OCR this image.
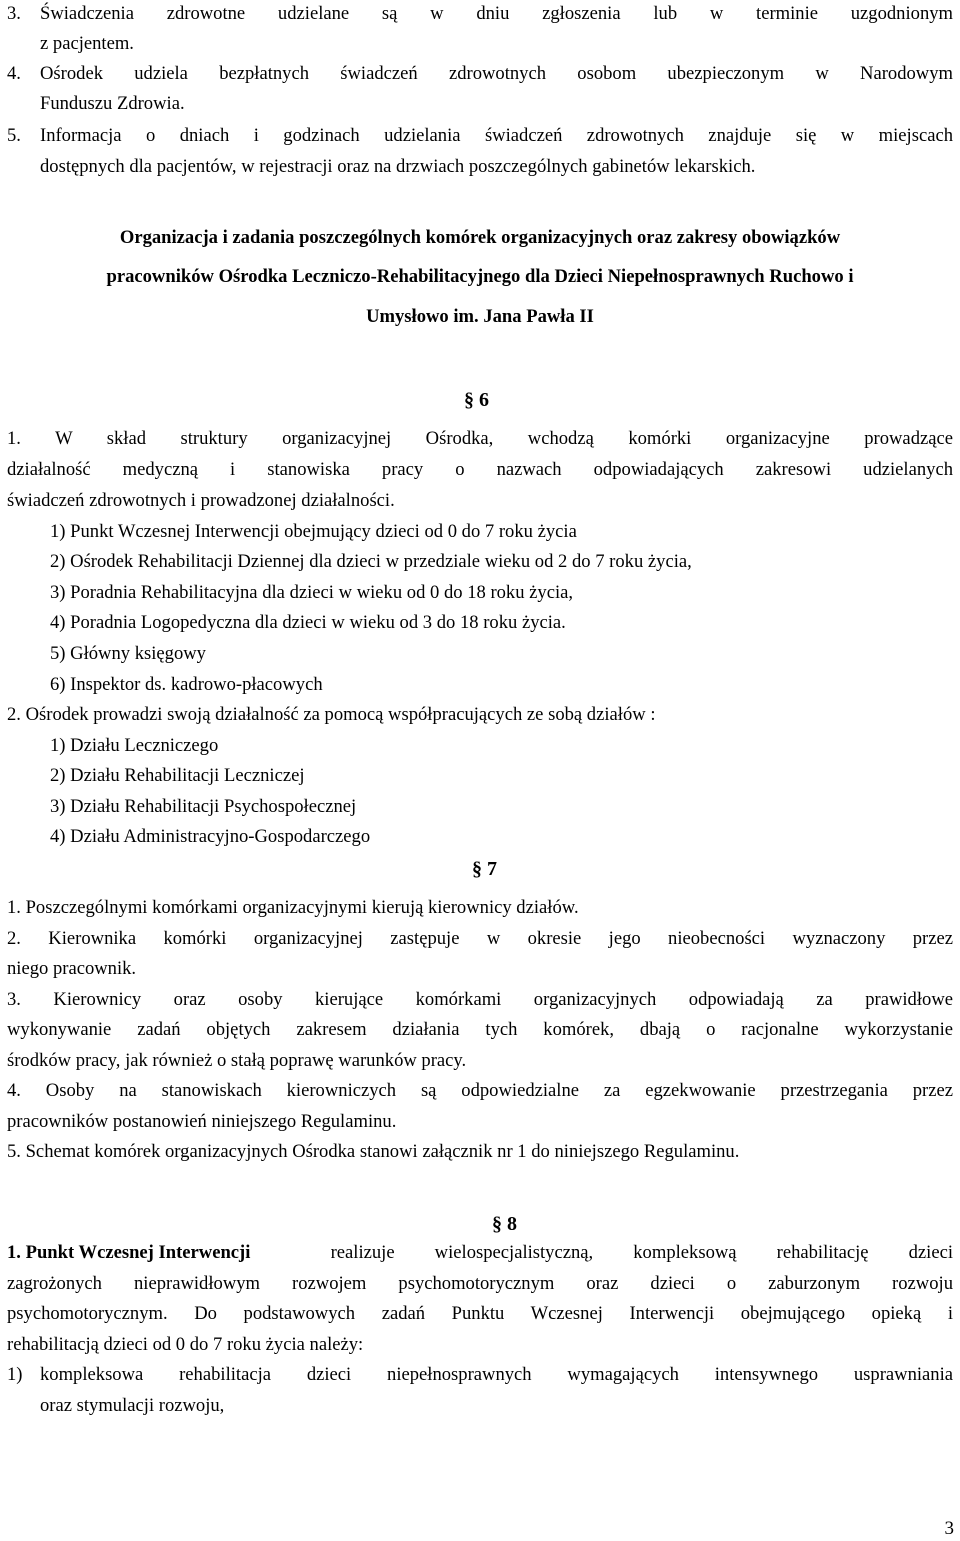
3. Świadczenia zdrowotne udzielane są w dniu zgłoszenia lub w terminie uzgodnionym
z pacjentem.
4. Ośrodek udziela bezpłatnych świadczeń zdrowotnych osobom ubezpieczonym w Narodowym
Funduszu Zdrowia.
5. Informacja o dniach i godzinach udzielania świadczeń zdrowotnych znajduje się w miejscach
dostępnych dla pacjentów, w rejestracji oraz na drzwiach poszczególnych gabinetów lekarskich.
Organizacja i zadania poszczególnych komórek organizacyjnych oraz zakresy obowiązków
pracowników Ośrodka Leczniczo-Rehabilitacyjnego dla Dzieci Niepełnosprawnych Ruchowo i
Umysłowo im. Jana Pawła II
§ 6
1. W skład struktury organizacyjnej Ośrodka, wchodzą komórki organizacyjne prowadzące
działalność medyczną i stanowiska pracy o nazwach odpowiadających zakresowi udzielanych
świadczeń zdrowotnych i prowadzonej działalności.
1) Punkt Wczesnej Interwencji obejmujący dzieci od 0 do 7 roku życia
2) Ośrodek Rehabilitacji Dziennej dla dzieci w przedziale wieku od 2 do 7 roku życia,
3) Poradnia Rehabilitacyjna dla dzieci w wieku od 0 do 18 roku życia,
4) Poradnia Logopedyczna dla dzieci w wieku od 3 do 18 roku życia.
5) Główny księgowy
6) Inspektor ds. kadrowo-płacowych
2. Ośrodek prowadzi swoją działalność za pomocą współpracujących ze sobą działów :
1) Działu Leczniczego
2) Działu Rehabilitacji Leczniczej
3) Działu Rehabilitacji Psychospołecznej
4) Działu Administracyjno-Gospodarczego
§ 7
1. Poszczególnymi komórkami organizacyjnymi kierują kierownicy działów.
2. Kierownika komórki organizacyjnej zastępuje w okresie jego nieobecności wyznaczony przez
niego pracownik.
3. Kierownicy oraz osoby kierujące komórkami organizacyjnych odpowiadają za prawidłowe
wykonywanie zadań objętych zakresem działania tych komórek, dbają o racjonalne wykorzystanie
środków pracy, jak również o stałą poprawę warunków pracy.
4. Osoby na stanowiskach kierowniczych są odpowiedzialne za egzekwowanie przestrzegania przez
pracowników postanowień niniejszego Regulaminu.
5. Schemat komórek organizacyjnych Ośrodka stanowi załącznik nr 1 do niniejszego Regulaminu.
§ 8
1. Punkt Wczesnej Interwencji realizuje wielospecjalistyczną, kompleksową rehabilitację dzieci
zagrożonych nieprawidłowym rozwojem psychomotorycznym oraz dzieci o zaburzonym rozwoju
psychomotorycznym. Do podstawowych zadań Punktu Wczesnej Interwencji obejmującego opieką i
rehabilitacją dzieci od 0 do 7 roku życia należy:
1) kompleksowa rehabilitacja dzieci niepełnosprawnych wymagających intensywnego usprawniania
oraz stymulacji rozwoju,
3
